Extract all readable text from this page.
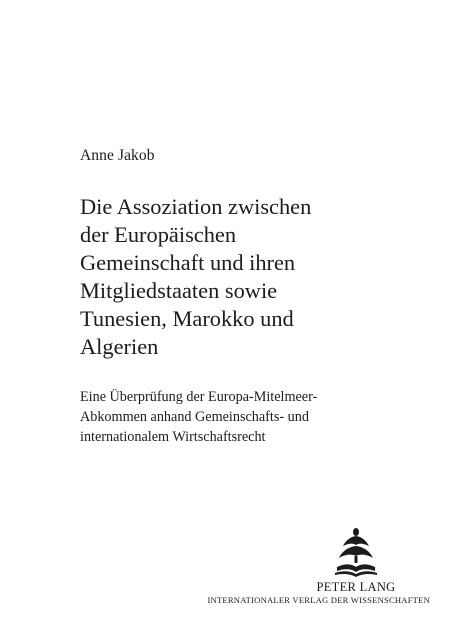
Anne Jakob
Die Assoziation zwischen
der Europäischen
Gemeinschaft und ihren
Mitgliedstaaten sowie
Tunesien, Marokko und
Algerien
Eine Überprüfung der Europa-Mitelmeer-
Abkommen anhand Gemeinschafts- und
internationalem Wirtschaftsrecht
PETER LANG
INTERNATIONALER VERLAG DER WISSENSCHAFTEN
